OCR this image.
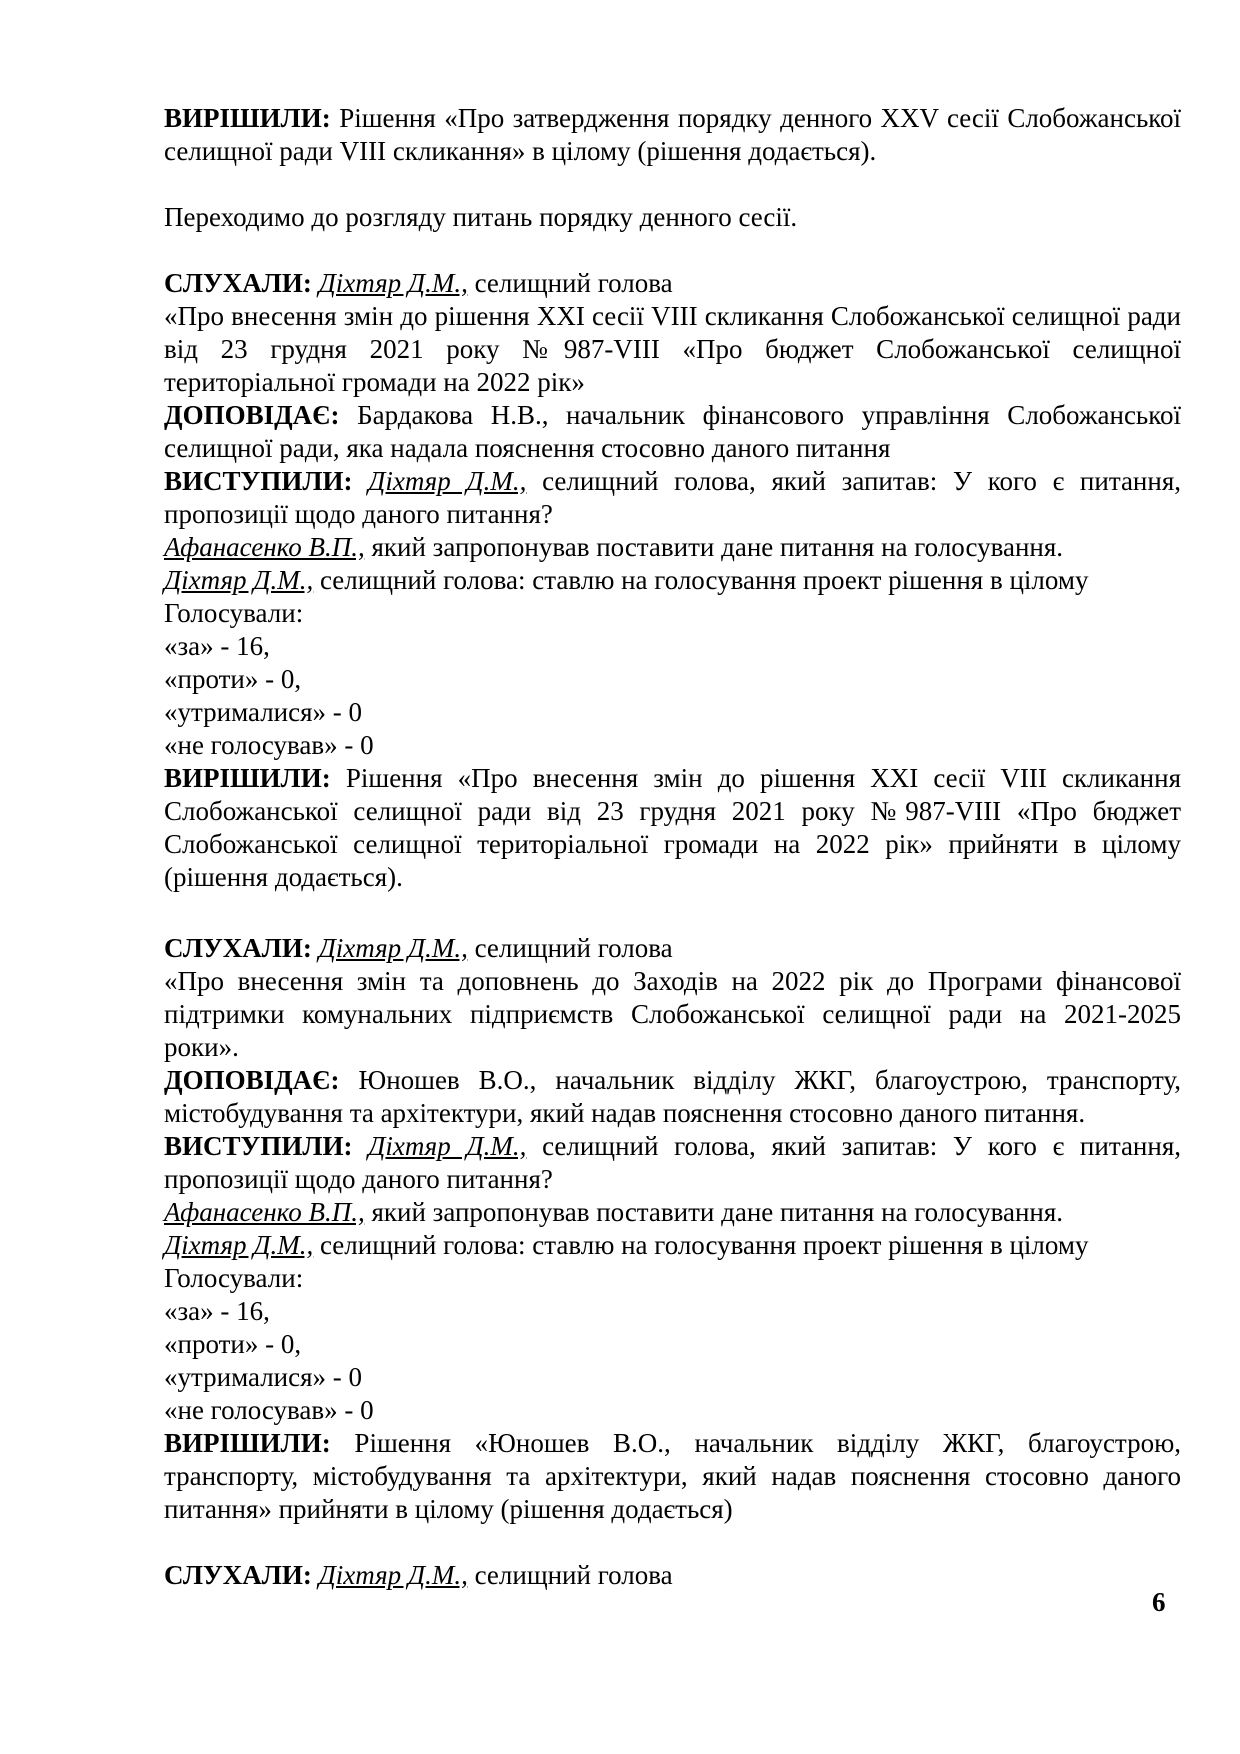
ВИРІШИЛИ: Рішення «Про затвердження порядку денного XXV сесії Слобожанської селищної ради VIII скликання» в цілому (рішення додається).

Переходимо до розгляду питань порядку денного сесії.

СЛУХАЛИ: Діхтяр Д.М., селищний голова

«Про внесення змін до рішення XXI сесії VIII скликання Слобожанської селищної ради від 23 грудня 2021 року №987-VIII «Про бюджет Слобожанської селищної територіальної громади на 2022 рік»

ДОПОВІДАЄ: Бардакова Н.В., начальник фінансового управління Слобожанської селищної ради, яка надала пояснення стосовно даного питання

ВИСТУПИЛИ: Діхтяр Д.М., селищний голова, який запитав: У кого є питання, пропозиції щодо даного питання?

Афанасенко В.П., який запропонував поставити дане питання на голосування.

Діхтяр Д.М., селищний голова: ставлю на голосування проект рішення в цілому

Голосували:

«за» - 16,

«проти» - 0,

«утрималися» - 0

«не голосував» - 0

ВИРІШИЛИ: Рішення «Про внесення змін до рішення XXI сесії VIII скликання Слобожанської селищної ради від 23 грудня 2021 року №987-VIII «Про бюджет Слобожанської селищної територіальної громади на 2022 рік» прийняти в цілому (рішення додається).

СЛУХАЛИ: Діхтяр Д.М., селищний голова

«Про внесення змін та доповнень до Заходів на 2022 рік до Програми фінансової підтримки комунальних підприємств Слобожанської селищної ради на 2021-2025 роки».

ДОПОВІДАЄ: Юношев В.О., начальник відділу ЖКГ, благоустрою, транспорту, містобудування та архітектури, який надав пояснення стосовно даного питання.

ВИСТУПИЛИ: Діхтяр Д.М., селищний голова, який запитав: У кого є питання, пропозиції щодо даного питання?

Афанасенко В.П., який запропонував поставити дане питання на голосування.

Діхтяр Д.М., селищний голова: ставлю на голосування проект рішення в цілому

Голосували:

«за» - 16,

«проти» - 0,

«утрималися» - 0

«не голосував» - 0

ВИРІШИЛИ: Рішення «Юношев В.О., начальник відділу ЖКГ, благоустрою, транспорту, містобудування та архітектури, який надав пояснення стосовно даного питання» прийняти в цілому (рішення додається)

СЛУХАЛИ: Діхтяр Д.М., селищний голова

6
